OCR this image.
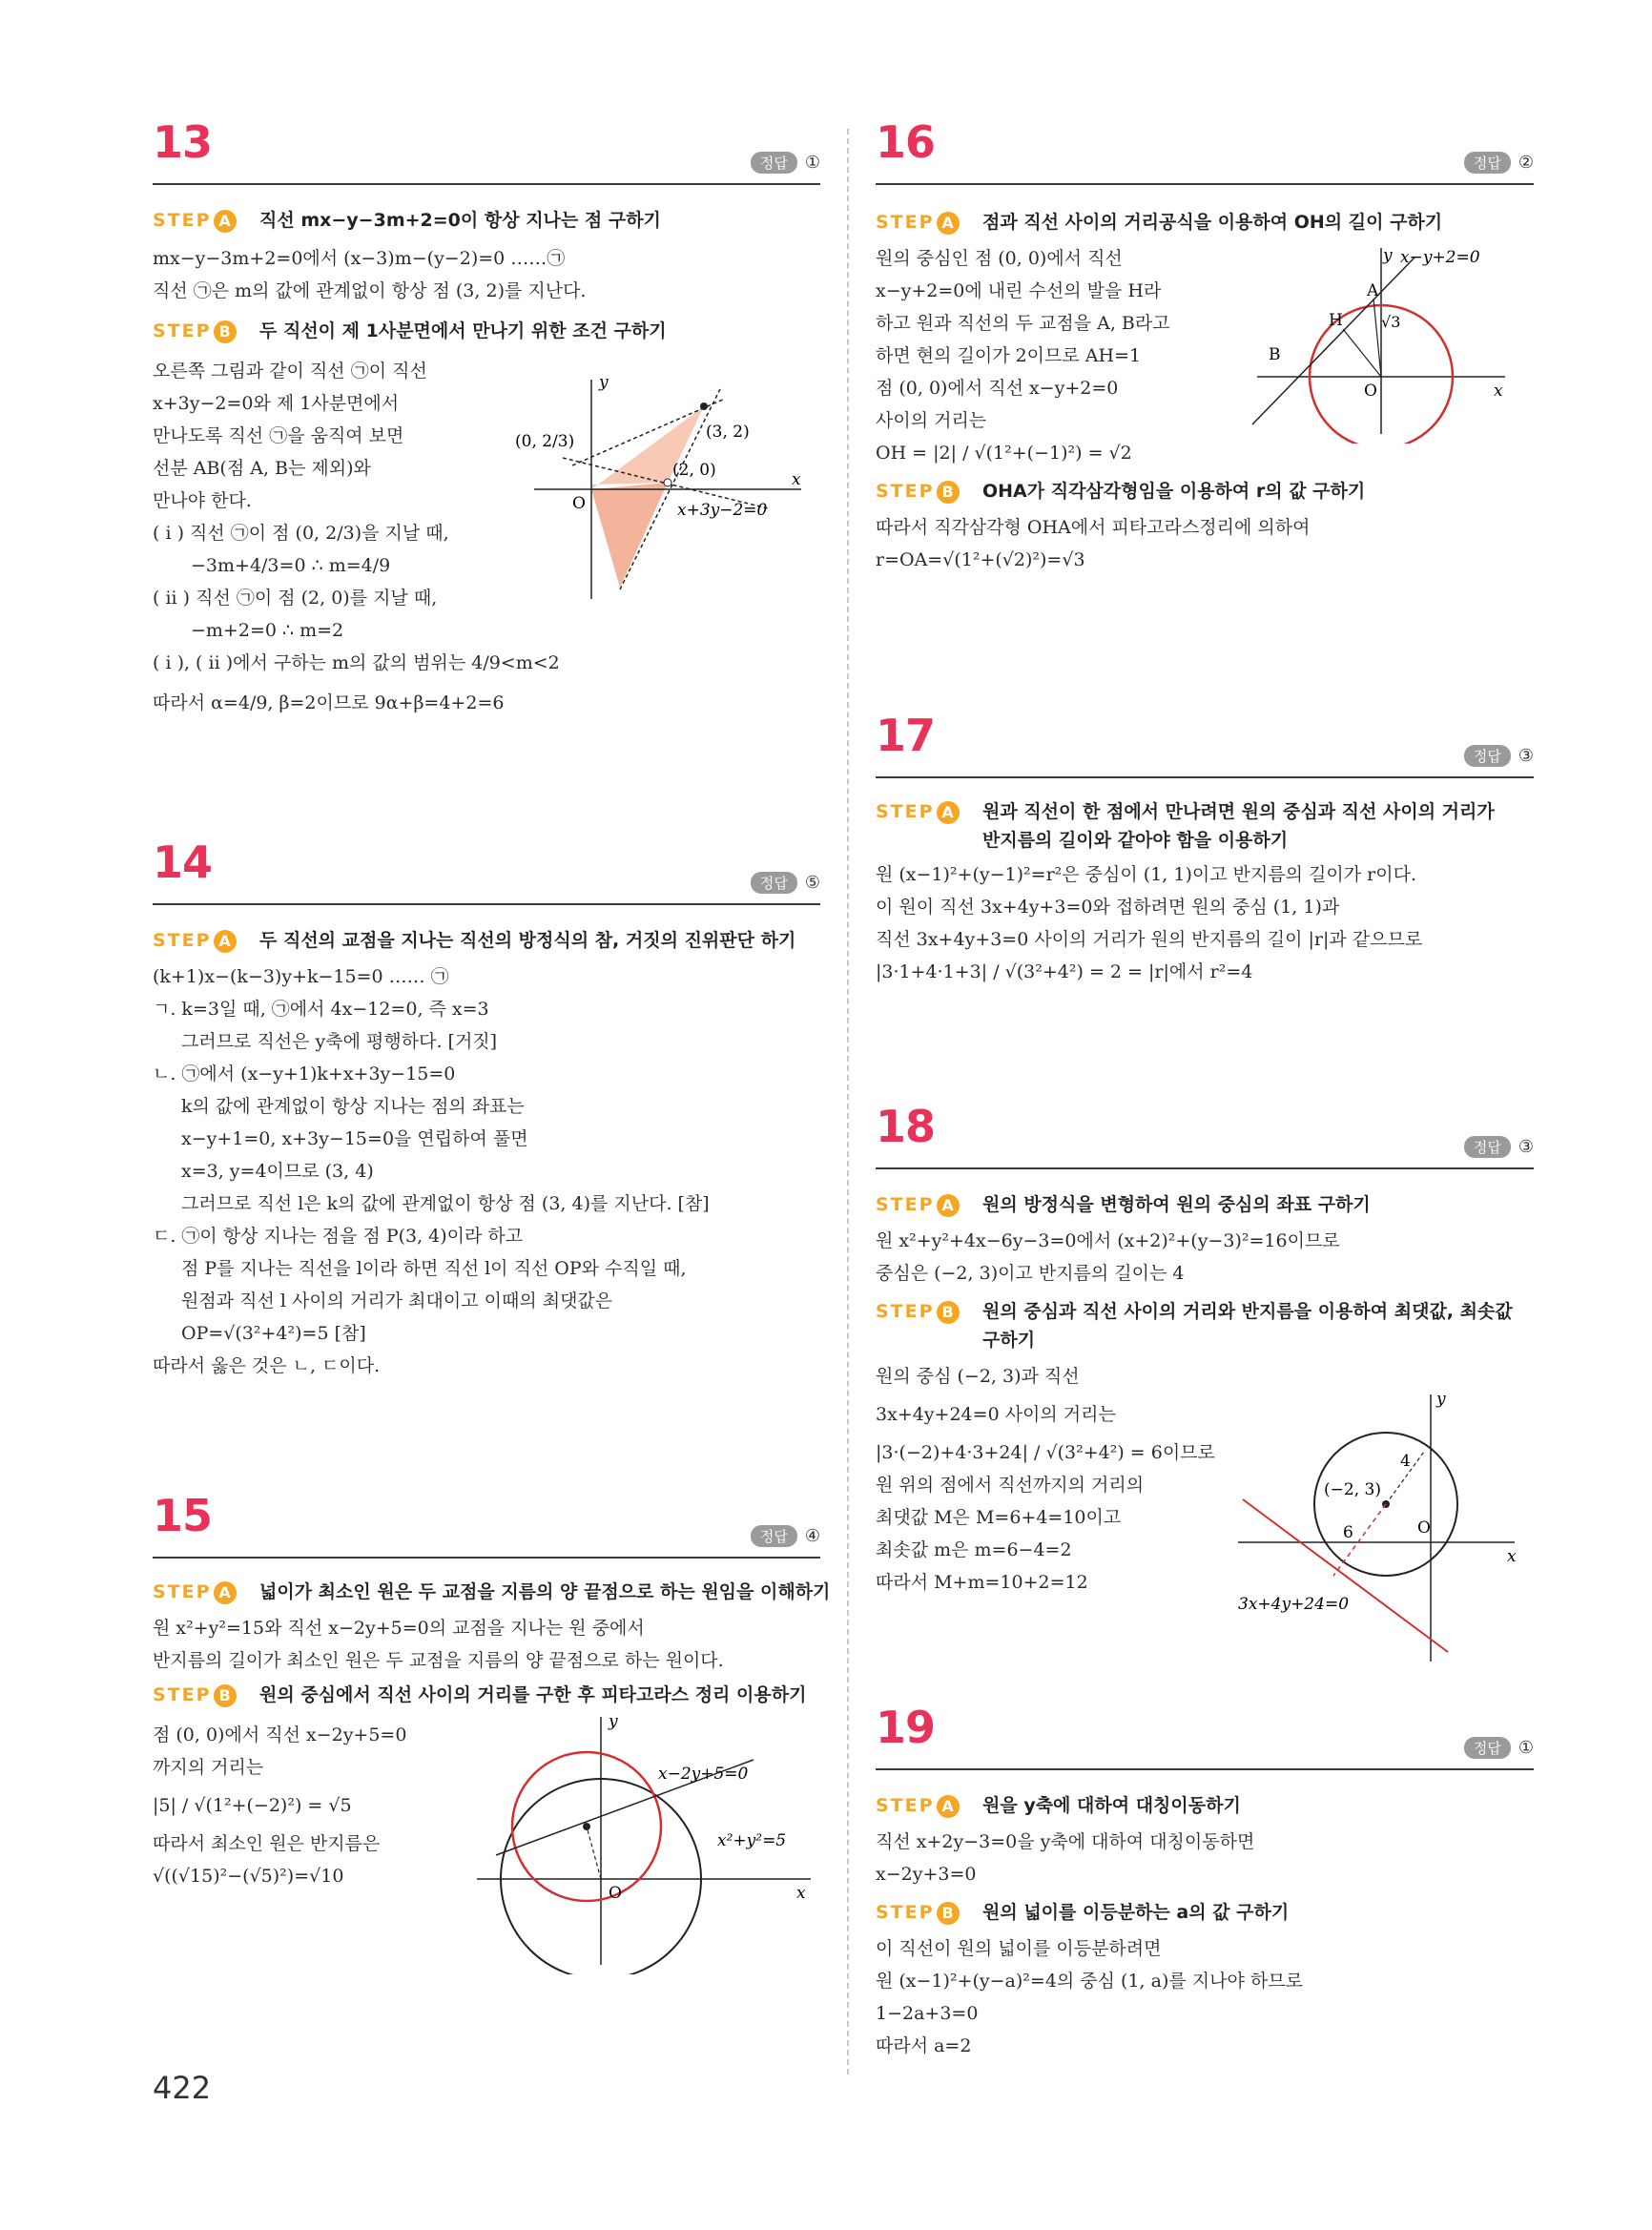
13	정답 ①
STEP A	직선 mx−y−3m+2=0이 항상 지나는 점 구하기
mx−y−3m+2=0에서 (x−3)m−(y−2)=0 ……㉠
직선 ㉠은 m의 값에 관계없이 항상 점 (3, 2)를 지난다.
STEP B	두 직선이 제 1사분면에서 만나기 위한 조건 구하기
오른쪽 그림과 같이 직선 ㉠이 직선
x+3y−2=0와 제 1사분면에서
만나도록 직선 ㉠을 움직여 보면
선분 AB(점 A, B는 제외)와
만나야 한다.
( i ) 직선 ㉠이 점 (0, 2/3)을 지날 때,
−3m+4/3=0 ∴ m=4/9
( ii ) 직선 ㉠이 점 (2, 0)를 지날 때,
−m+2=0 ∴ m=2
( i ), ( ii )에서 구하는 m의 값의 범위는 4/9<m<2
따라서 α=4/9, β=2이므로 9α+β=4+2=6
y
x
O
(0, 2/3)	(3, 2)
(2, 0)
x+3y−2=0
14	정답 ⑤
STEP A	두 직선의 교점을 지나는 직선의 방정식의 참, 거짓의 진위판단 하기
(k+1)x−(k−3)y+k−15=0 …… ㉠
ㄱ. k=3일 때, ㉠에서 4x−12=0, 즉 x=3
그러므로 직선은 y축에 평행하다. [거짓]
ㄴ. ㉠에서 (x−y+1)k+x+3y−15=0
k의 값에 관계없이 항상 지나는 점의 좌표는
x−y+1=0, x+3y−15=0을 연립하여 풀면
x=3, y=4이므로 (3, 4)
그러므로 직선 l은 k의 값에 관계없이 항상 점 (3, 4)를 지난다. [참]
ㄷ. ㉠이 항상 지나는 점을 점 P(3, 4)이라 하고
점 P를 지나는 직선을 l이라 하면 직선 l이 직선 OP와 수직일 때,
원점과 직선 l 사이의 거리가 최대이고 이때의 최댓값은
OP=√(3²+4²)=5 [참]
따라서 옳은 것은 ㄴ, ㄷ이다.
15	정답 ④
STEP A	넓이가 최소인 원은 두 교점을 지름의 양 끝점으로 하는 원임을 이해하기
원 x²+y²=15와 직선 x−2y+5=0의 교점을 지나는 원 중에서
반지름의 길이가 최소인 원은 두 교점을 지름의 양 끝점으로 하는 원이다.
STEP B	원의 중심에서 직선 사이의 거리를 구한 후 피타고라스 정리 이용하기
점 (0, 0)에서 직선 x−2y+5=0
까지의 거리는
|5| / √(1²+(−2)²) = √5
따라서 최소인 원은 반지름은
√((√15)²−(√5)²)=√10
y
x
O
x−2y+5=0
x²+y²=5
16	정답 ②
STEP A	점과 직선 사이의 거리공식을 이용하여 OH의 길이 구하기
원의 중심인 점 (0, 0)에서 직선
x−y+2=0에 내린 수선의 발을 H라
하고 원과 직선의 두 교점을 A, B라고
하면 현의 길이가 2이므로 AH=1
점 (0, 0)에서 직선 x−y+2=0
사이의 거리는
OH = |2| / √(1²+(−1)²) = √2
STEP B	OHA가 직각삼각형임을 이용하여 r의 값 구하기
따라서 직각삼각형 OHA에서 피타고라스정리에 의하여
r=OA=√(1²+(√2)²)=√3
y
x
O
x−y+2=0
A
B
H	√3
17	정답 ③
STEP A	원과 직선이 한 점에서 만나려면 원의 중심과 직선 사이의 거리가 반지름의 길이와 같아야 함을 이용하기
원 (x−1)²+(y−1)²=r²은 중심이 (1, 1)이고 반지름의 길이가 r이다.
이 원이 직선 3x+4y+3=0와 접하려면 원의 중심 (1, 1)과
직선 3x+4y+3=0 사이의 거리가 원의 반지름의 길이 |r|과 같으므로
|3·1+4·1+3| / √(3²+4²) = 2 = |r|에서 r²=4
18	정답 ③
STEP A	원의 방정식을 변형하여 원의 중심의 좌표 구하기
원 x²+y²+4x−6y−3=0에서 (x+2)²+(y−3)²=16이므로
중심은 (−2, 3)이고 반지름의 길이는 4
STEP B	원의 중심과 직선 사이의 거리와 반지름을 이용하여 최댓값, 최솟값 구하기
원의 중심 (−2, 3)과 직선
3x+4y+24=0 사이의 거리는
|3·(−2)+4·3+24| / √(3²+4²) = 6이므로
원 위의 점에서 직선까지의 거리의
최댓값 M은 M=6+4=10이고
최솟값 m은 m=6−4=2
따라서 M+m=10+2=12
y
x
O
(−2, 3)
4
6
3x+4y+24=0
19	정답 ①
STEP A	원을 y축에 대하여 대칭이동하기
직선 x+2y−3=0을 y축에 대하여 대칭이동하면
x−2y+3=0
STEP B	원의 넓이를 이등분하는 a의 값 구하기
이 직선이 원의 넓이를 이등분하려면
원 (x−1)²+(y−a)²=4의 중심 (1, a)를 지나야 하므로
1−2a+3=0
따라서 a=2
422
